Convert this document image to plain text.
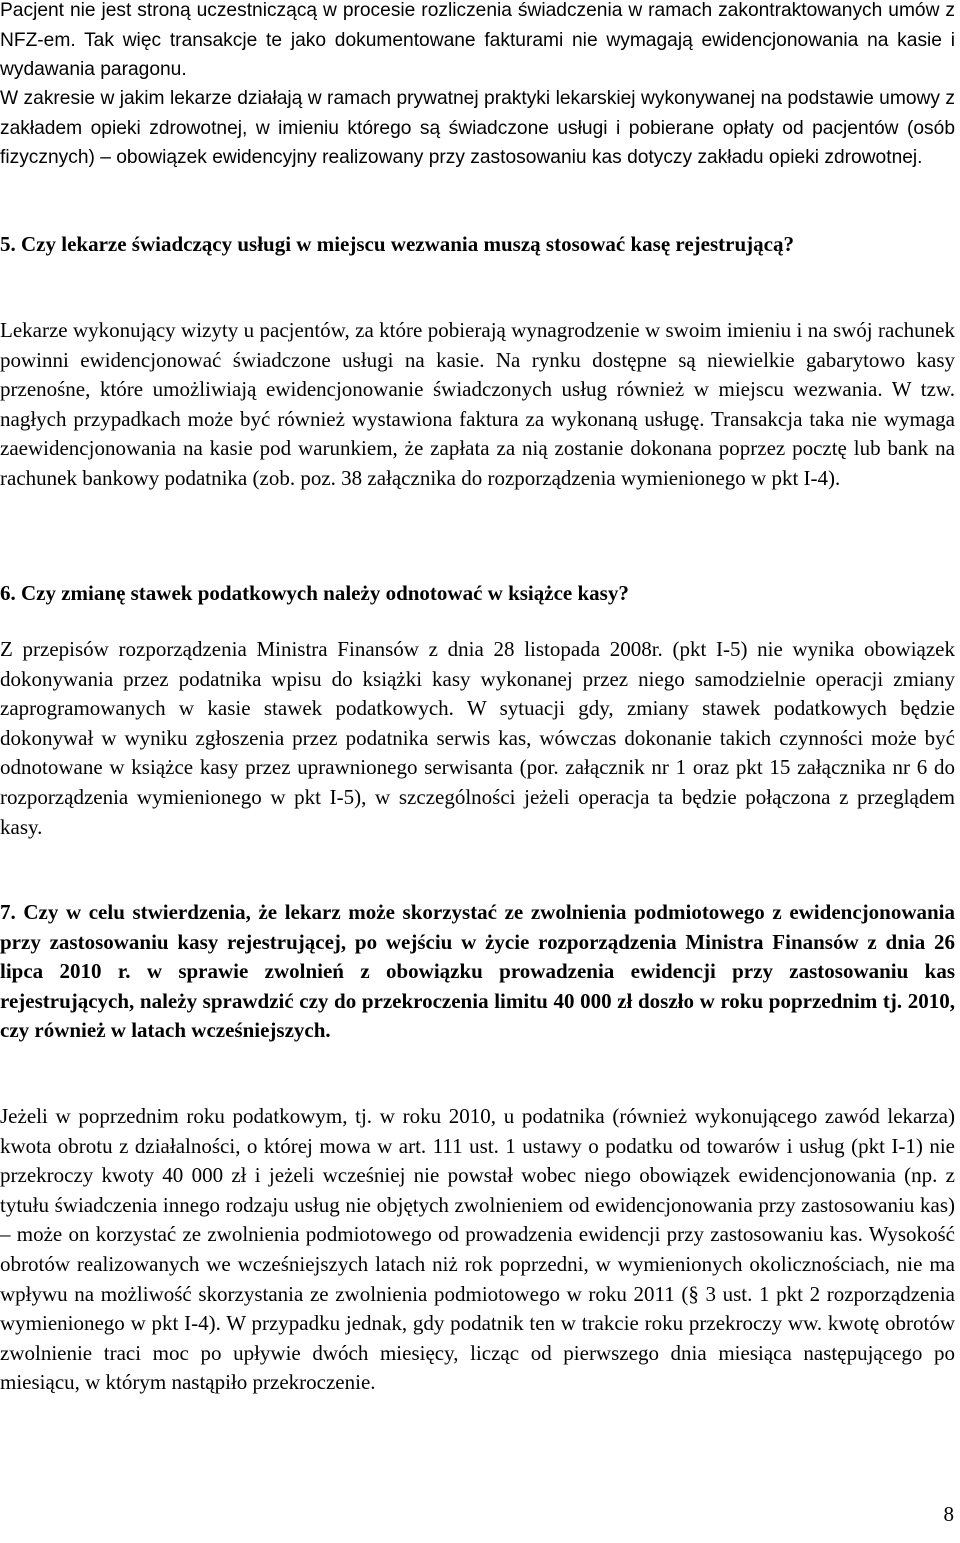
Pacjent nie jest stroną uczestniczącą w procesie rozliczenia świadczenia w ramach zakontraktowanych umów z NFZ-em. Tak więc transakcje te jako dokumentowane fakturami nie wymagają ewidencjonowania na kasie i wydawania paragonu.

W zakresie w jakim lekarze działają w ramach prywatnej praktyki lekarskiej wykonywanej na podstawie umowy z zakładem opieki zdrowotnej, w imieniu którego są świadczone usługi i pobierane opłaty od pacjentów (osób fizycznych) – obowiązek ewidencyjny realizowany przy zastosowaniu kas dotyczy zakładu opieki zdrowotnej.

5. Czy lekarze świadczący usługi w miejscu wezwania muszą stosować kasę rejestrującą?

Lekarze wykonujący wizyty u pacjentów, za które pobierają wynagrodzenie w swoim imieniu i na swój rachunek powinni ewidencjonować świadczone usługi na kasie. Na rynku dostępne są niewielkie gabarytowo kasy przenośne, które umożliwiają ewidencjonowanie świadczonych usług również w miejscu wezwania. W tzw. nagłych przypadkach może być również wystawiona faktura za wykonaną usługę. Transakcja taka nie wymaga zaewidencjonowania na kasie pod warunkiem, że zapłata za nią zostanie dokonana poprzez pocztę lub bank na rachunek bankowy podatnika (zob. poz. 38 załącznika do rozporządzenia wymienionego w pkt I-4).

6. Czy zmianę stawek podatkowych należy odnotować w książce kasy?

Z przepisów rozporządzenia Ministra Finansów z dnia 28 listopada 2008r. (pkt I-5) nie wynika obowiązek dokonywania przez podatnika wpisu do książki kasy wykonanej przez niego samodzielnie operacji zmiany zaprogramowanych w kasie stawek podatkowych. W sytuacji gdy, zmiany stawek podatkowych będzie dokonywał w wyniku zgłoszenia przez podatnika serwis kas, wówczas dokonanie takich czynności może być odnotowane w książce kasy przez uprawnionego serwisanta (por. załącznik nr 1 oraz pkt 15 załącznika nr 6 do rozporządzenia wymienionego w pkt I-5), w szczególności jeżeli operacja ta będzie połączona z przeglądem kasy.

7. Czy w celu stwierdzenia, że lekarz może skorzystać ze zwolnienia podmiotowego z ewidencjonowania przy zastosowaniu kasy rejestrującej, po wejściu w życie rozporządzenia Ministra Finansów z dnia 26 lipca 2010 r. w sprawie zwolnień z obowiązku prowadzenia ewidencji przy zastosowaniu kas rejestrujących, należy sprawdzić czy do przekroczenia limitu 40 000 zł doszło w roku poprzednim tj. 2010, czy również w latach wcześniejszych.

Jeżeli w poprzednim roku podatkowym, tj. w roku 2010, u podatnika (również wykonującego zawód lekarza) kwota obrotu z działalności, o której mowa w art. 111 ust. 1 ustawy o podatku od towarów i usług (pkt I-1) nie przekroczy kwoty 40 000 zł i jeżeli wcześniej nie powstał wobec niego obowiązek ewidencjonowania (np. z tytułu świadczenia innego rodzaju usług nie objętych zwolnieniem od ewidencjonowania przy zastosowaniu kas) – może on korzystać ze zwolnienia podmiotowego od prowadzenia ewidencji przy zastosowaniu kas. Wysokość obrotów realizowanych we wcześniejszych latach niż rok poprzedni, w wymienionych okolicznościach, nie ma wpływu na możliwość skorzystania ze zwolnienia podmiotowego w roku 2011 (§ 3 ust. 1 pkt 2 rozporządzenia wymienionego w pkt I-4). W przypadku jednak, gdy podatnik ten w trakcie roku przekroczy ww. kwotę obrotów zwolnienie traci moc po upływie dwóch miesięcy, licząc od pierwszego dnia miesiąca następującego po miesiącu, w którym nastąpiło przekroczenie.

8
